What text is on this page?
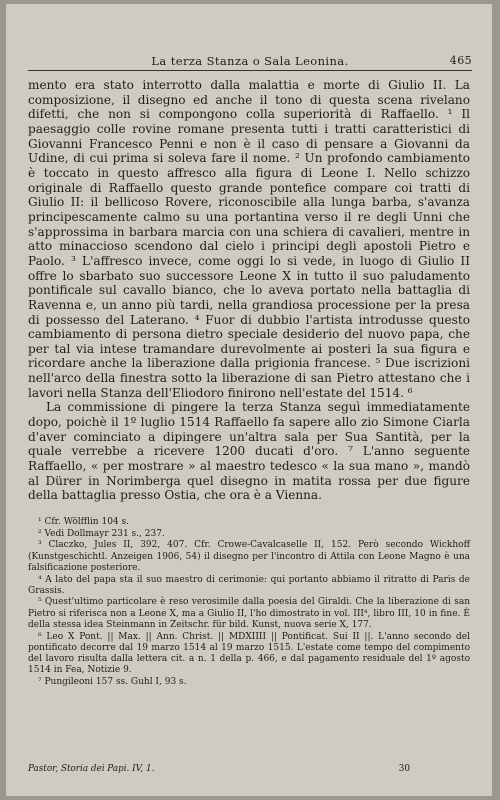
La terza Stanza o Sala Leonina.	465

mento era stato interrotto dalla malattia e morte di Giulio II. La composizione, il disegno ed anche il tono di questa scena rivelano difetti, che non si compongono colla superiorità di Raffaello. ¹ Il paesaggio colle rovine romane presenta tutti i tratti caratteristici di Giovanni Francesco Penni e non è il caso di pensare a Giovanni da Udine, di cui prima si soleva fare il nome. ² Un profondo cambiamento è toccato in questo affresco alla figura di Leone I. Nello schizzo originale di Raffaello questo grande pontefice compare coi tratti di Giulio II: il bellicoso Rovere, riconoscibile alla lunga barba, s'avanza principescamente calmo su una portantina verso il re degli Unni che s'approssima in barbara marcia con una schiera di cavalieri, mentre in atto minaccioso scendono dal cielo i principi degli apostoli Pietro e Paolo. ³ L'affresco invece, come oggi lo si vede, in luogo di Giulio II offre lo sbarbato suo successore Leone X in tutto il suo paludamento pontificale sul cavallo bianco, che lo aveva portato nella battaglia di Ravenna e, un anno più tardi, nella grandiosa processione per la presa di possesso del Laterano. ⁴ Fuor di dubbio l'artista introdusse questo cambiamento di persona dietro speciale desiderio del nuovo papa, che per tal via intese tramandare durevolmente ai posteri la sua figura e ricordare anche la liberazione dalla prigionia francese. ⁵ Due iscrizioni nell'arco della finestra sotto la liberazione di san Pietro attestano che i lavori nella Stanza dell'Eliodoro finirono nell'estate del 1514. ⁶

La commissione di pingere la terza Stanza seguì immediatamente dopo, poichè il 1º luglio 1514 Raffaello fa sapere allo zio Simone Ciarla d'aver cominciato a dipingere un'altra sala per Sua Santità, per la quale verrebbe a ricevere 1200 ducati d'oro. ⁷ L'anno seguente Raffaello, « per mostrare » al maestro tedesco « la sua mano », mandò al Dürer in Norimberga quel disegno in matita rossa per due figure della battaglia presso Ostia, che ora è a Vienna.

¹ Cfr. Wölfflin 104 s.
² Vedi Dollmayr 231 s., 237.
³ Claczko, Jules II, 392, 407. Cfr. Crowe-Cavalcaselle II, 152. Però secondo Wickhoff (Kunstgeschichtl. Anzeigen 1906, 54) il disegno per l'incontro di Attila con Leone Magno è una falsificazione posteriore.
⁴ A lato del papa sta il suo maestro di cerimonie: qui portanto abbiamo il ritratto di Paris de Grassis.
⁵ Quest'ultimo particolare è reso verosimile dalla poesia del Giraldi. Che la liberazione di san Pietro si riferisca non a Leone X, ma a Giulio II, l'ho dimostrato in vol. III⁴, libro III, 10 in fine. È della stessa idea Steinmann in Zeitschr. für bild. Kunst, nuova serie X, 177.
⁶ Leo X Pont. || Max. || Ann. Christ. || MDXIIII || Pontificat. Sui II ||. L'anno secondo del pontificato decorre dal 19 marzo 1514 al 19 marzo 1515. L'estate come tempo del compimento del lavoro risulta dalla lettera cit. a n. 1 della p. 466, e dal pagamento residuale del 1º agosto 1514 in Fea, Notizie 9.
⁷ Pungileoni 157 ss. Guhl I, 93 s.
Pastor, Storia dei Papi. IV, 1.	30
